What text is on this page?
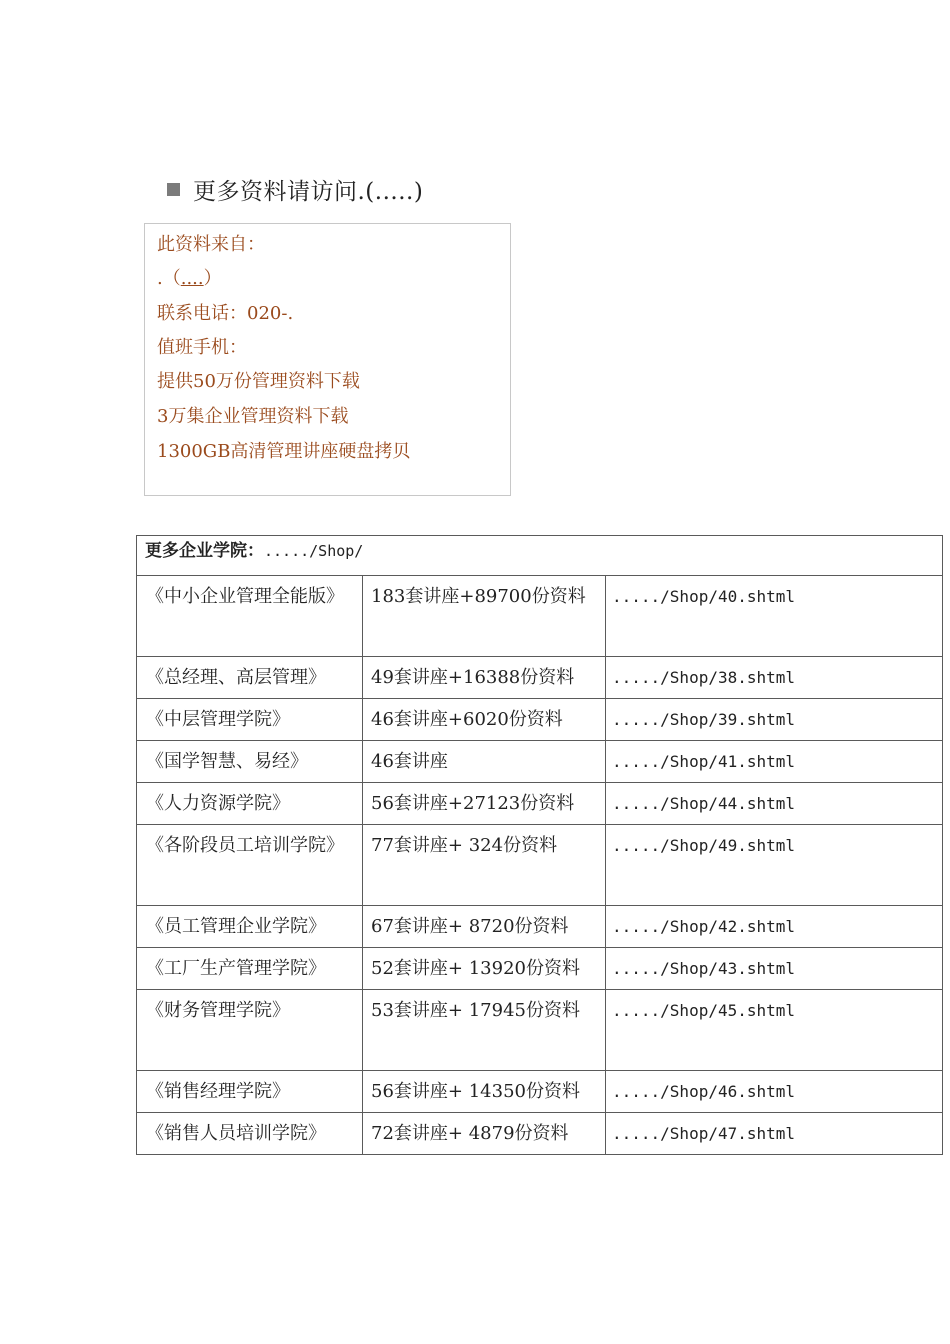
更多资料请访问.(.....)
此资料来自：
.（....）
联系电话：020-.
值班手机：
提供50万份管理资料下载
3万集企业管理资料下载
1300GB高清管理讲座硬盘拷贝
更多企业学院：...../Shop/		
《中小企业管理全能版》	183套讲座+89700份资料	...../Shop/40.shtml
《总经理、高层管理》	49套讲座+16388份资料	...../Shop/38.shtml
《中层管理学院》	46套讲座+6020份资料	...../Shop/39.shtml
《国学智慧、易经》	46套讲座	...../Shop/41.shtml
《人力资源学院》	56套讲座+27123份资料	...../Shop/44.shtml
《各阶段员工培训学院》	77套讲座+ 324份资料	...../Shop/49.shtml
《员工管理企业学院》	67套讲座+ 8720份资料	...../Shop/42.shtml
《工厂生产管理学院》	52套讲座+ 13920份资料	...../Shop/43.shtml
《财务管理学院》	53套讲座+ 17945份资料	...../Shop/45.shtml
《销售经理学院》	56套讲座+ 14350份资料	...../Shop/46.shtml
《销售人员培训学院》	72套讲座+ 4879份资料	...../Shop/47.shtml
